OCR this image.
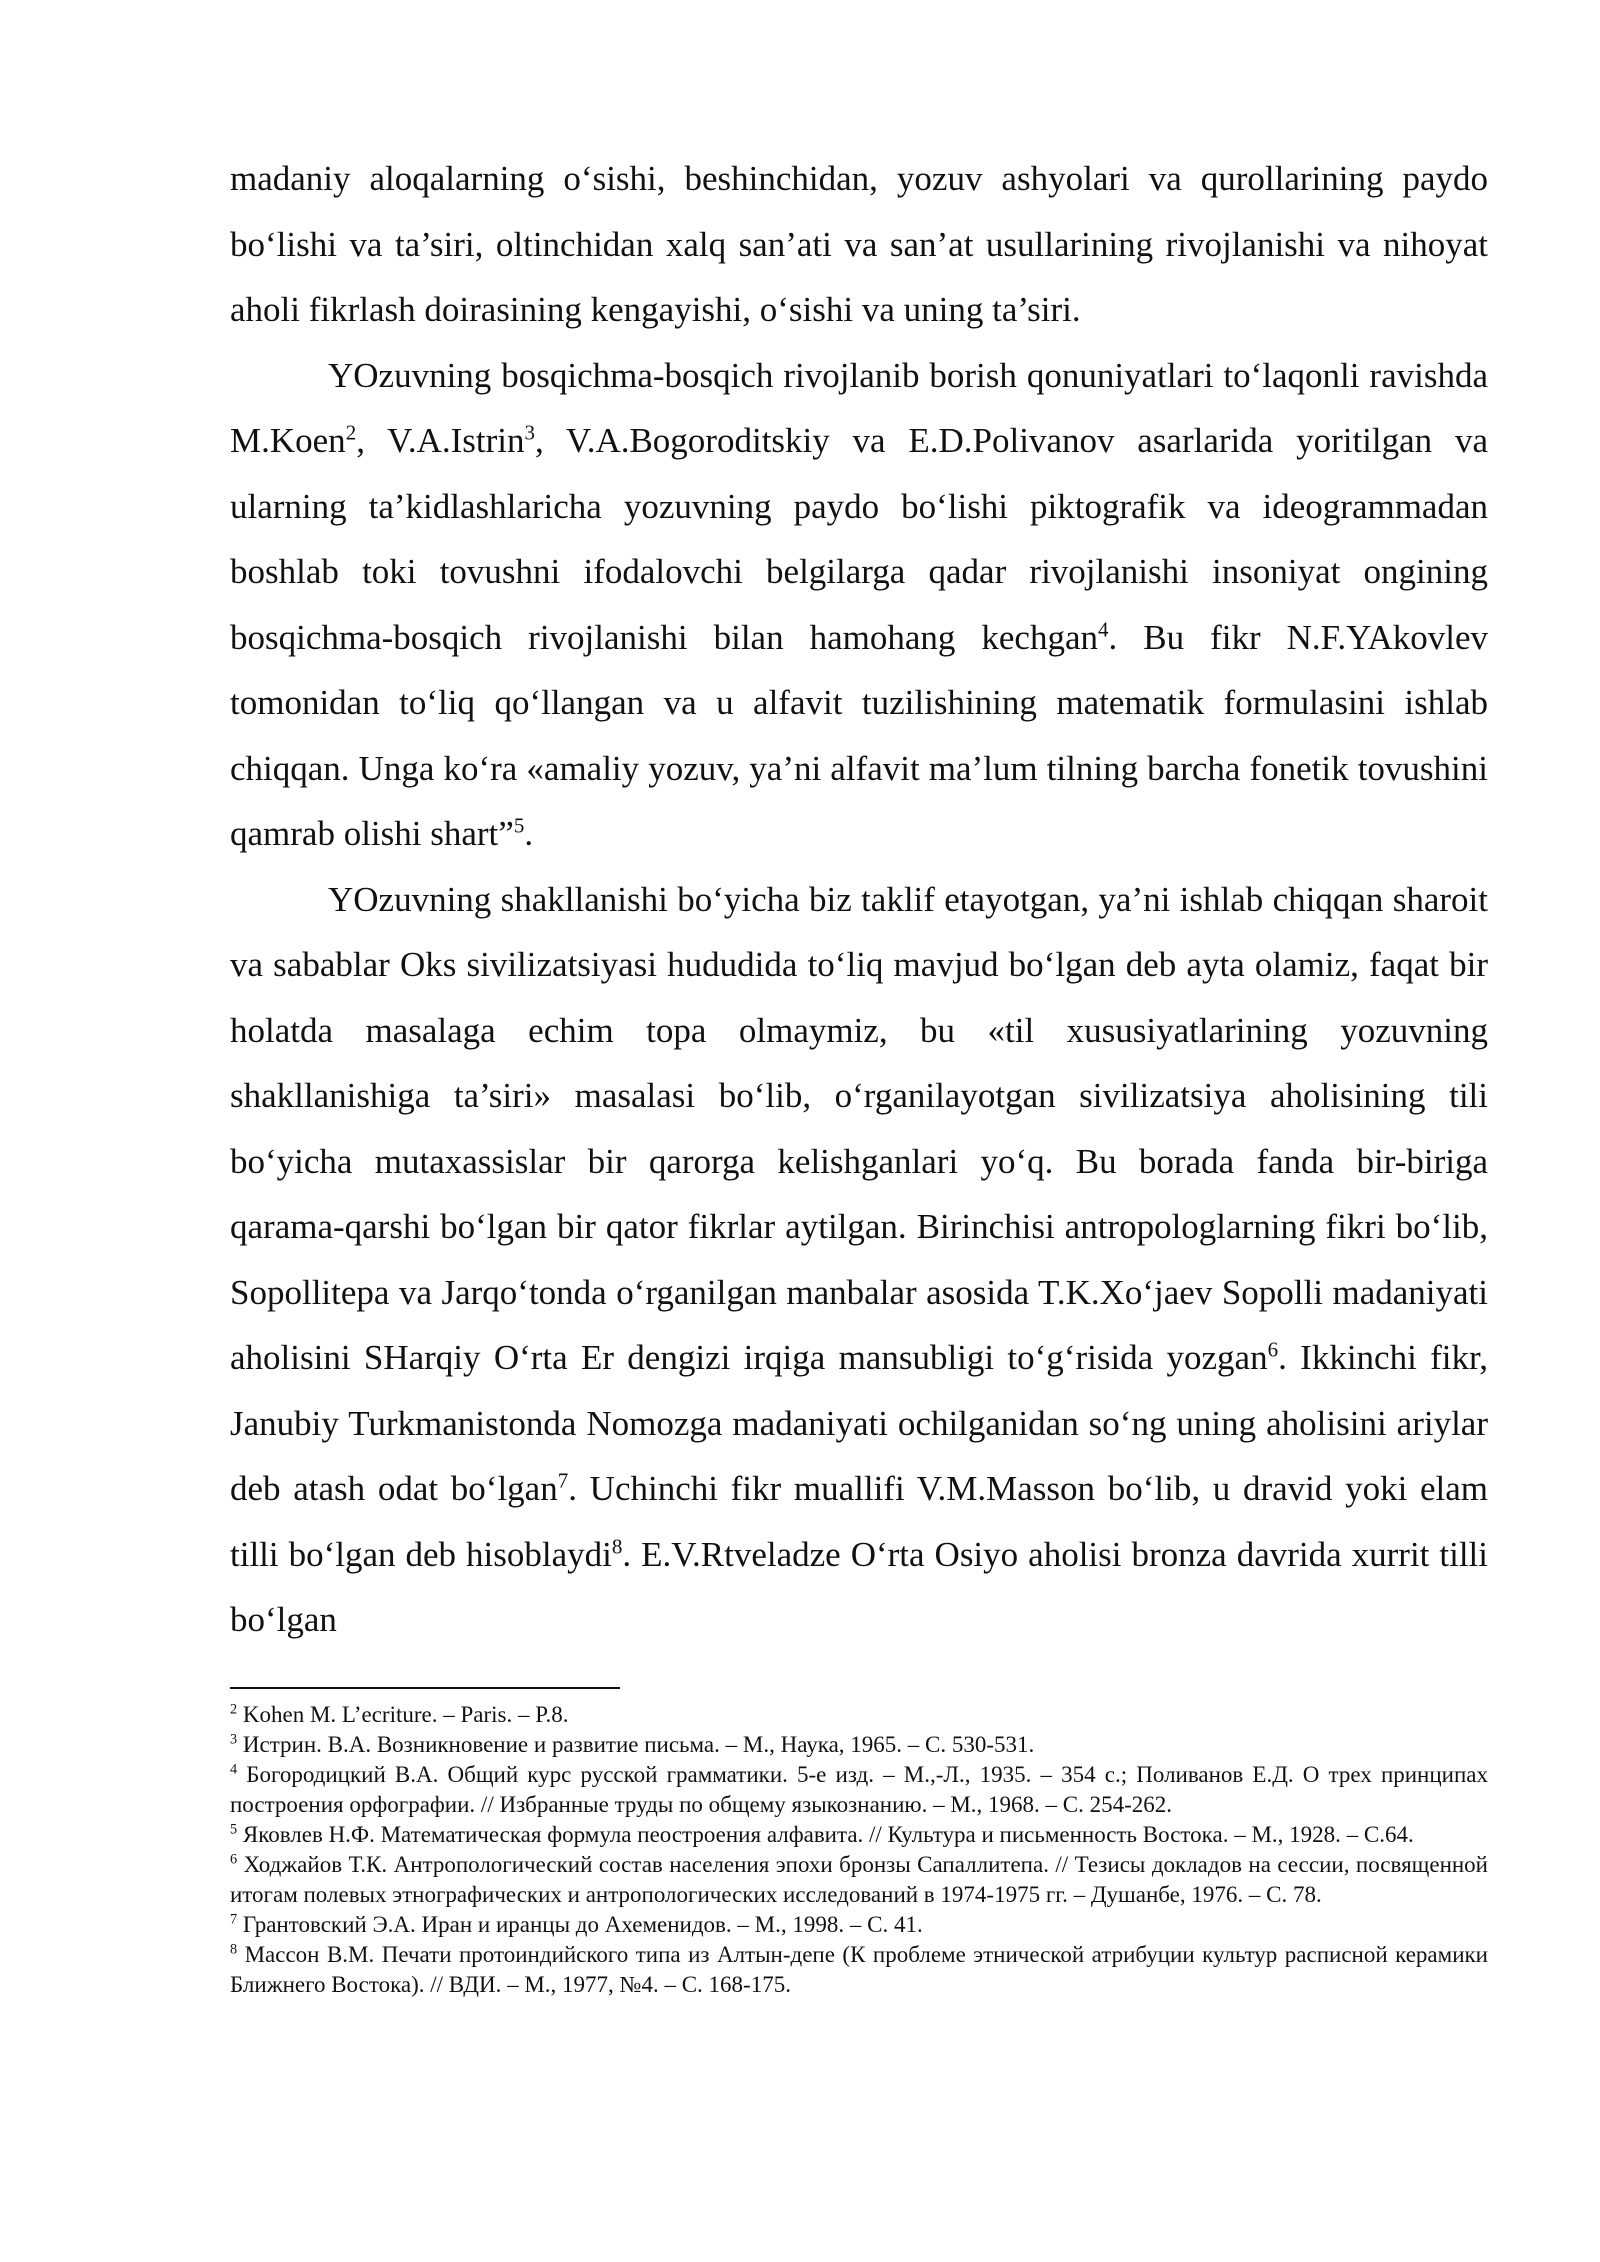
madaniy aloqalarning o‘sishi, beshinchidan, yozuv ashyolari va qurollarining paydo bo‘lishi va ta’siri, oltinchidan xalq san’ati va san’at usullarining rivojlanishi va nihoyat aholi fikrlash doirasining kengayishi, o‘sishi va uning ta’siri.

YOzuvning bosqichma-bosqich rivojlanib borish qonuniyatlari to‘laqonli ravishda M.Koen$^2$, V.A.Istrin$^3$, V.A.Bogoroditskiy va E.D.Polivanov asarlarida yoritilgan va ularning ta’kidlashlaricha yozuvning paydo bo‘lishi piktografik va ideogrammadan boshlab toki tovushni ifodalovchi belgilarga qadar rivojlanishi insoniyat ongining bosqichma-bosqich rivojlanishi bilan hamohang kechgan$^4$. Bu fikr N.F.YAkovlev tomonidan to‘liq qo‘llangan va u alfavit tuzilishining matematik formulasini ishlab chiqqan. Unga ko‘ra «amaliy yozuv, ya’ni alfavit ma’lum tilning barcha fonetik tovushini qamrab olishi shart”$^5$.

YOzuvning shakllanishi bo‘yicha biz taklif etayotgan, ya’ni ishlab chiqqan sharoit va sabablar Oks sivilizatsiyasi hududida to‘liq mavjud bo‘lgan deb ayta olamiz, faqat bir holatda masalaga echim topa olmaymiz, bu «til xususiyatlarining yozuvning shakllanishiga ta’siri» masalasi bo‘lib, o‘rganilayotgan sivilizatsiya aholisining tili bo‘yicha mutaxassislar bir qarorga kelishganlari yo‘q. Bu borada fanda bir-biriga qarama-qarshi bo‘lgan bir qator fikrlar aytilgan. Birinchisi antropologlarning fikri bo‘lib, Sopollitepa va Jarqo‘tonda o‘rganilgan manbalar asosida T.K.Xo‘jaev Sopolli madaniyati aholisini SHarqiy O‘rta Er dengizi irqiga mansubligi to‘g‘risida yozgan$^6$. Ikkinchi fikr, Janubiy Turkmanistonda Nomozga madaniyati ochilganidan so‘ng uning aholisini ariylar deb atash odat bo‘lgan$^7$. Uchinchi fikr muallifi V.M.Masson bo‘lib, u dravid yoki elam tilli bo‘lgan deb hisoblaydi$^8$. E.V.Rtveladze O‘rta Osiyo aholisi bronza davrida xurrit tilli bo‘lgan

$^2$ Kohen M. L’ecriture. – Paris. – P.8.

$^3$ Истрин. В.А. Возникновение и развитие письма. – М., Наука, 1965. – С. 530-531.

$^4$ Богородицкий В.А. Общий курс русской грамматики. 5-е изд. – М.,-Л., 1935. – 354 с.; Поливанов Е.Д. О трех принципах построения орфографии. // Избранные труды по общему языкознанию. – М., 1968. – С. 254-262.

$^5$ Яковлев Н.Ф. Математическая формула пеостроения алфавита. // Культура и письменность Востока. – М., 1928. – С.64.

$^6$ Ходжайов Т.К. Антропологический состав населения эпохи бронзы Сапаллитепа. // Тезисы докладов на сессии, посвященной итогам полевых этнографических и антропологических исследований в 1974-1975 гг. – Душанбе, 1976. – С. 78.

$^7$ Грантовский Э.А. Иран и иранцы до Ахеменидов. – М., 1998. – С. 41.

$^8$ Массон В.М. Печати протоиндийского типа из Алтын-депе (К проблеме этнической атрибуции культур расписной керамики Ближнего Востока). // ВДИ. – М., 1977, №4. – С. 168-175.
